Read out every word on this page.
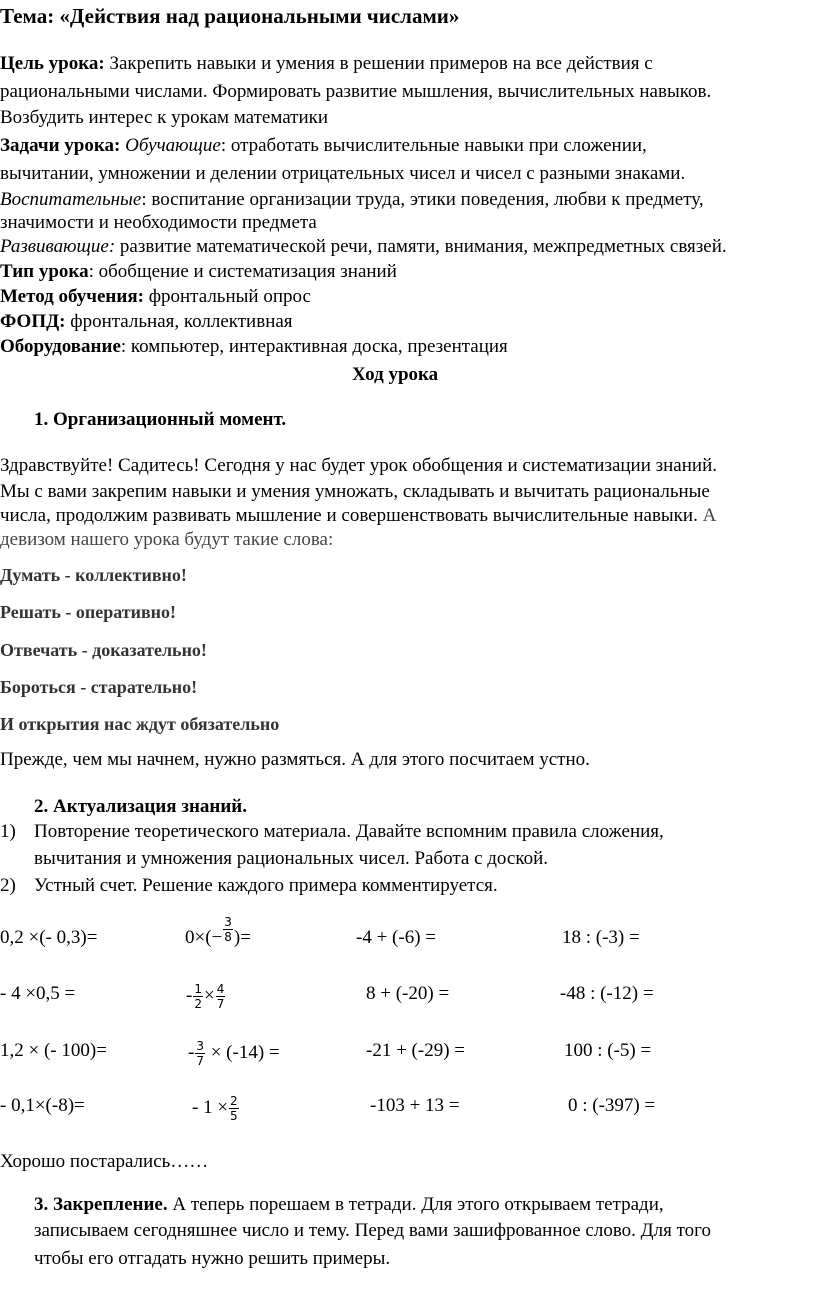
Тема: «Действия над рациональными числами»
Цель урока: Закрепить навыки и умения в решении примеров на все действия с
рациональными числами. Формировать развитие мышления, вычислительных навыков.
Возбудить интерес к урокам математики
Задачи урока: Обучающие: отработать вычислительные навыки при сложении,
вычитании, умножении и делении отрицательных чисел и чисел с разными знаками.
Воспитательные: воспитание организации труда, этики поведения, любви к предмету,
значимости и необходимости предмета
Развивающие: развитие математической речи, памяти, внимания, межпредметных связей.
Тип урока: обобщение и систематизация знаний
Метод обучения: фронтальный опрос
ФОПД: фронтальная, коллективная
Оборудование: компьютер, интерактивная доска, презентация
Ход урока
1. Организационный момент.
Здравствуйте! Садитесь! Сегодня у нас будет урок обобщения и систематизации знаний.
Мы с вами закрепим навыки и умения умножать, складывать и вычитать рациональные
числа, продолжим развивать мышление и совершенствовать вычислительные навыки. А
девизом нашего урока будут такие слова:
Думать - коллективно!
Решать - оперативно!
Отвечать - доказательно!
Бороться - старательно!
И открытия нас ждут обязательно
Прежде, чем мы начнем, нужно размяться. А для этого посчитаем устно.
2. Актуализация знаний.
1) Повторение теоретического материала. Давайте вспомним правила сложения,
вычитания и умножения рациональных чисел. Работа с доской.
2) Устный счет. Решение каждого примера комментируется.
0,2 ×(- 0,3)=	$0\times(- \frac{3}{8}$ )=	-4 + (-6) =	18 : (-3) =
- 4 ×0,5 =	- $\frac{1}{2} \times \frac{4}{7}$	8 + (-20) =	-48 : (-12) =
1,2 × (- 100)=	- $\frac{3}{7} \times (-14)$ =	-21 + (-29) =	100 : (-5) =
- 0,1×(-8)=	- $1 \times \frac{2}{5}$	-103 + 13 =	0 : (-397) =
Хорошо постарались……
3. Закрепление. А теперь порешаем в тетради. Для этого открываем тетради,
записываем сегодняшнее число и тему. Перед вами зашифрованное слово. Для того
чтобы его отгадать нужно решить примеры.
